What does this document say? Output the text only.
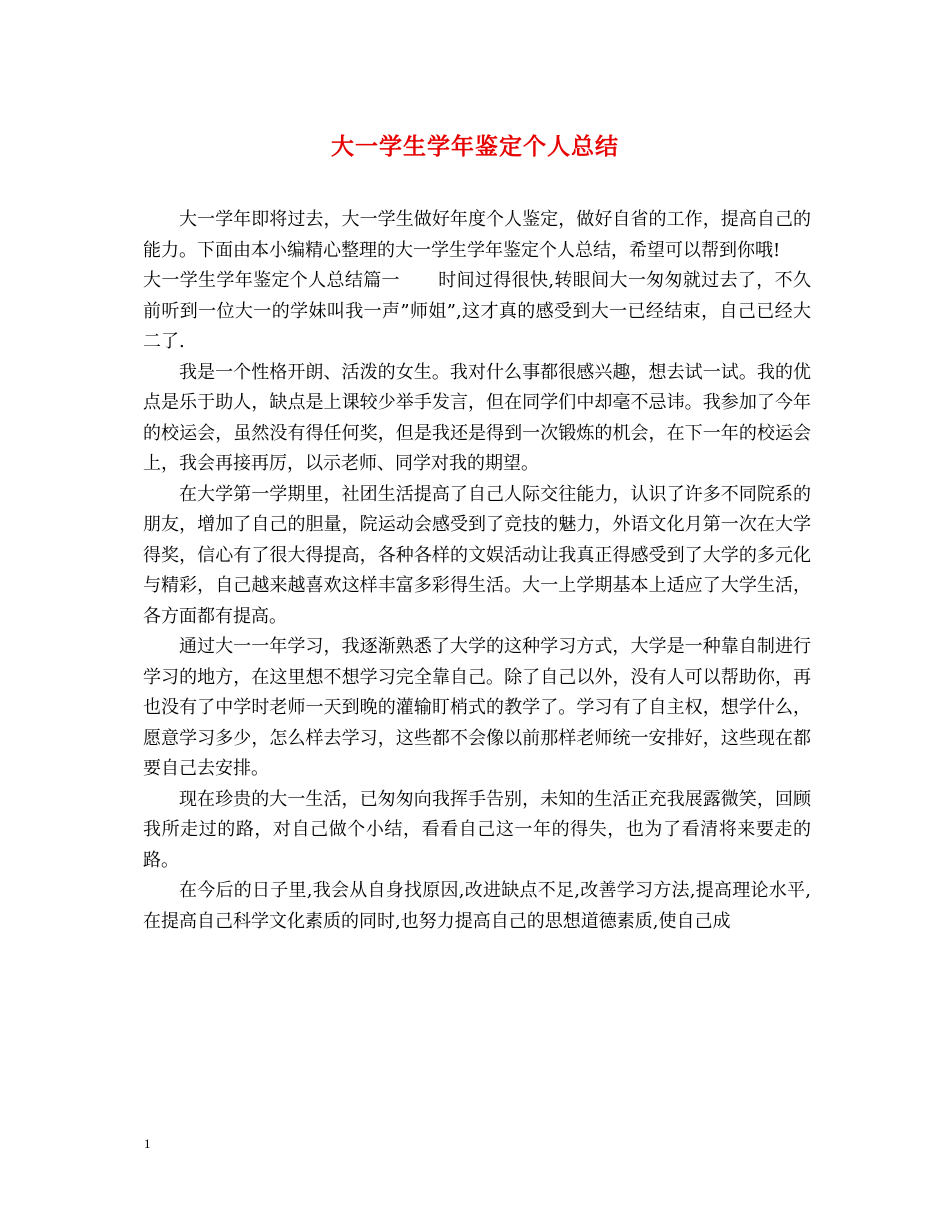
大一学生学年鉴定个人总结

大一学年即将过去，大一学生做好年度个人鉴定，做好自省的工作，提高自己的能力。下面由本小编精心整理的大一学生学年鉴定个人总结，希望可以帮到你哦!

大一学生学年鉴定个人总结篇一 时间过得很快,转眼间大一匆匆就过去了，不久前听到一位大一的学妹叫我一声”师姐”,这才真的感受到大一已经结束，自己已经大二了.

我是一个性格开朗、活泼的女生。我对什么事都很感兴趣，想去试一试。我的优点是乐于助人，缺点是上课较少举手发言，但在同学们中却毫不忌讳。我参加了今年的校运会，虽然没有得任何奖，但是我还是得到一次锻炼的机会，在下一年的校运会上，我会再接再厉，以示老师、同学对我的期望。

在大学第一学期里，社团生活提高了自己人际交往能力，认识了许多不同院系的朋友，增加了自己的胆量，院运动会感受到了竞技的魅力，外语文化月第一次在大学得奖，信心有了很大得提高，各种各样的文娱活动让我真正得感受到了大学的多元化与精彩，自己越来越喜欢这样丰富多彩得生活。大一上学期基本上适应了大学生活，各方面都有提高。

通过大一一年学习，我逐渐熟悉了大学的这种学习方式，大学是一种靠自制进行学习的地方，在这里想不想学习完全靠自己。除了自己以外，没有人可以帮助你，再也没有了中学时老师一天到晚的灌输盯梢式的教学了。学习有了自主权，想学什么，愿意学习多少，怎么样去学习，这些都不会像以前那样老师统一安排好，这些现在都要自己去安排。

现在珍贵的大一生活，已匆匆向我挥手告别，未知的生活正充我展露微笑，回顾我所走过的路，对自己做个小结，看看自己这一年的得失，也为了看清将来要走的路。

在今后的日子里,我会从自身找原因,改进缺点不足,改善学习方法,提高理论水平,在提高自己科学文化素质的同时,也努力提高自己的思想道德素质,使自己成

1
